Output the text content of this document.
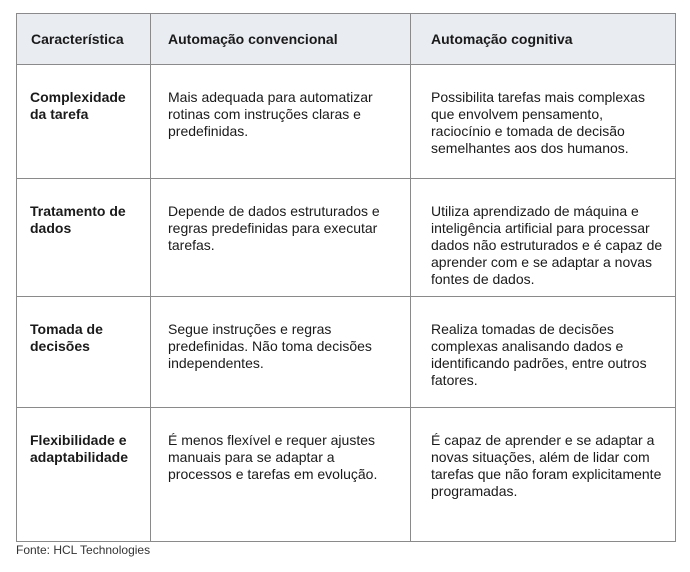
Característica	Automação convencional	Automação cognitiva
Complexidade da tarefa	Mais adequada para automatizar rotinas com instruções claras e predefinidas.	Possibilita tarefas mais complexas que envolvem pensamento, raciocínio e tomada de decisão semelhantes aos dos humanos.
Tratamento de dados	Depende de dados estruturados e regras predefinidas para executar tarefas.	Utiliza aprendizado de máquina e inteligência artificial para processar dados não estruturados e é capaz de aprender com e se adaptar a novas fontes de dados.
Tomada de decisões	Segue instruções e regras predefinidas. Não toma decisões independentes.	Realiza tomadas de decisões complexas analisando dados e identificando padrões, entre outros fatores.
Flexibilidade e adaptabilidade	É menos flexível e requer ajustes manuais para se adaptar a processos e tarefas em evolução.	É capaz de aprender e se adaptar a novas situações, além de lidar com tarefas que não foram explicitamente programadas.
Fonte: HCL Technologies
